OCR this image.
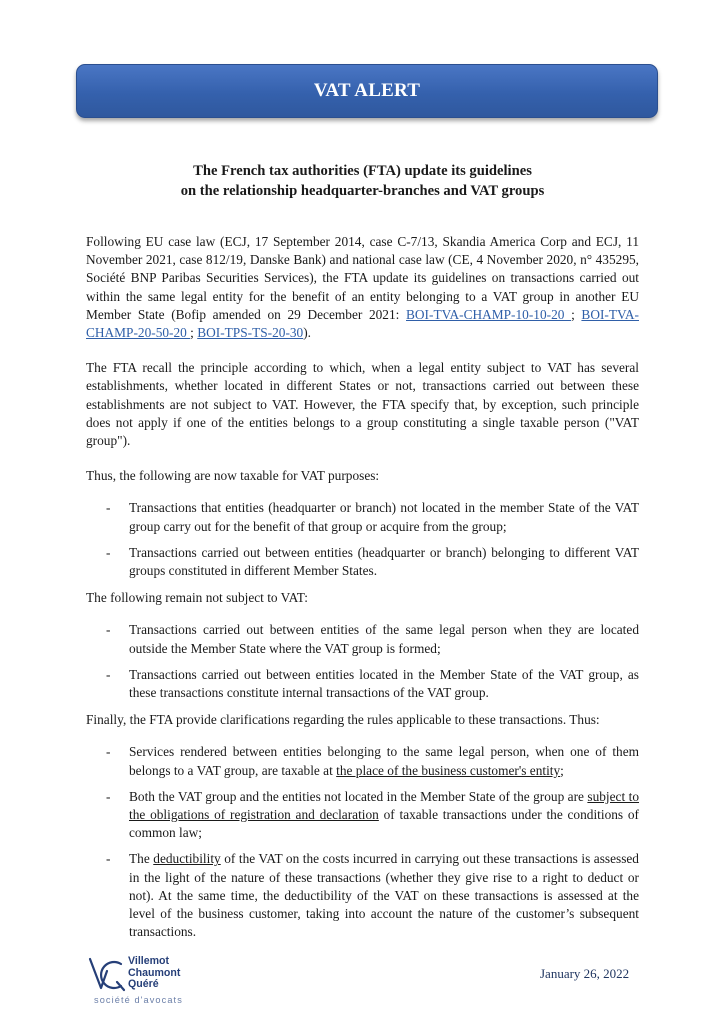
VAT ALERT
The French tax authorities (FTA) update its guidelines
on the relationship headquarter-branches and VAT groups

Following EU case law (ECJ, 17 September 2014, case C-7/13, Skandia America Corp and ECJ, 11 November 2021, case 812/19, Danske Bank) and national case law (CE, 4 November 2020, n° 435295, Société BNP Paribas Securities Services), the FTA update its guidelines on transactions carried out within the same legal entity for the benefit of an entity belonging to a VAT group in another EU Member State (Bofip amended on 29 December 2021: BOI-TVA-CHAMP-10-10-20 ; BOI-TVA-CHAMP-20-50-20 ; BOI-TPS-TS-20-30).

The FTA recall the principle according to which, when a legal entity subject to VAT has several establishments, whether located in different States or not, transactions carried out between these establishments are not subject to VAT. However, the FTA specify that, by exception, such principle does not apply if one of the entities belongs to a group constituting a single taxable person ("VAT group").

Thus, the following are now taxable for VAT purposes:

- Transactions that entities (headquarter or branch) not located in the member State of the VAT group carry out for the benefit of that group or acquire from the group;
- Transactions carried out between entities (headquarter or branch) belonging to different VAT groups constituted in different Member States.

The following remain not subject to VAT:

- Transactions carried out between entities of the same legal person when they are located outside the Member State where the VAT group is formed;
- Transactions carried out between entities located in the Member State of the VAT group, as these transactions constitute internal transactions of the VAT group.

Finally, the FTA provide clarifications regarding the rules applicable to these transactions. Thus:

- Services rendered between entities belonging to the same legal person, when one of them belongs to a VAT group, are taxable at the place of the business customer's entity;
- Both the VAT group and the entities not located in the Member State of the group are subject to the obligations of registration and declaration of taxable transactions under the conditions of common law;
- The deductibility of the VAT on the costs incurred in carrying out these transactions is assessed in the light of the nature of these transactions (whether they give rise to a right to deduct or not). At the same time, the deductibility of the VAT on these transactions is assessed at the level of the business customer, taking into account the nature of the customer’s subsequent transactions.
Villemot
Chaumont
Quéré
société d'avocats
January 26, 2022
